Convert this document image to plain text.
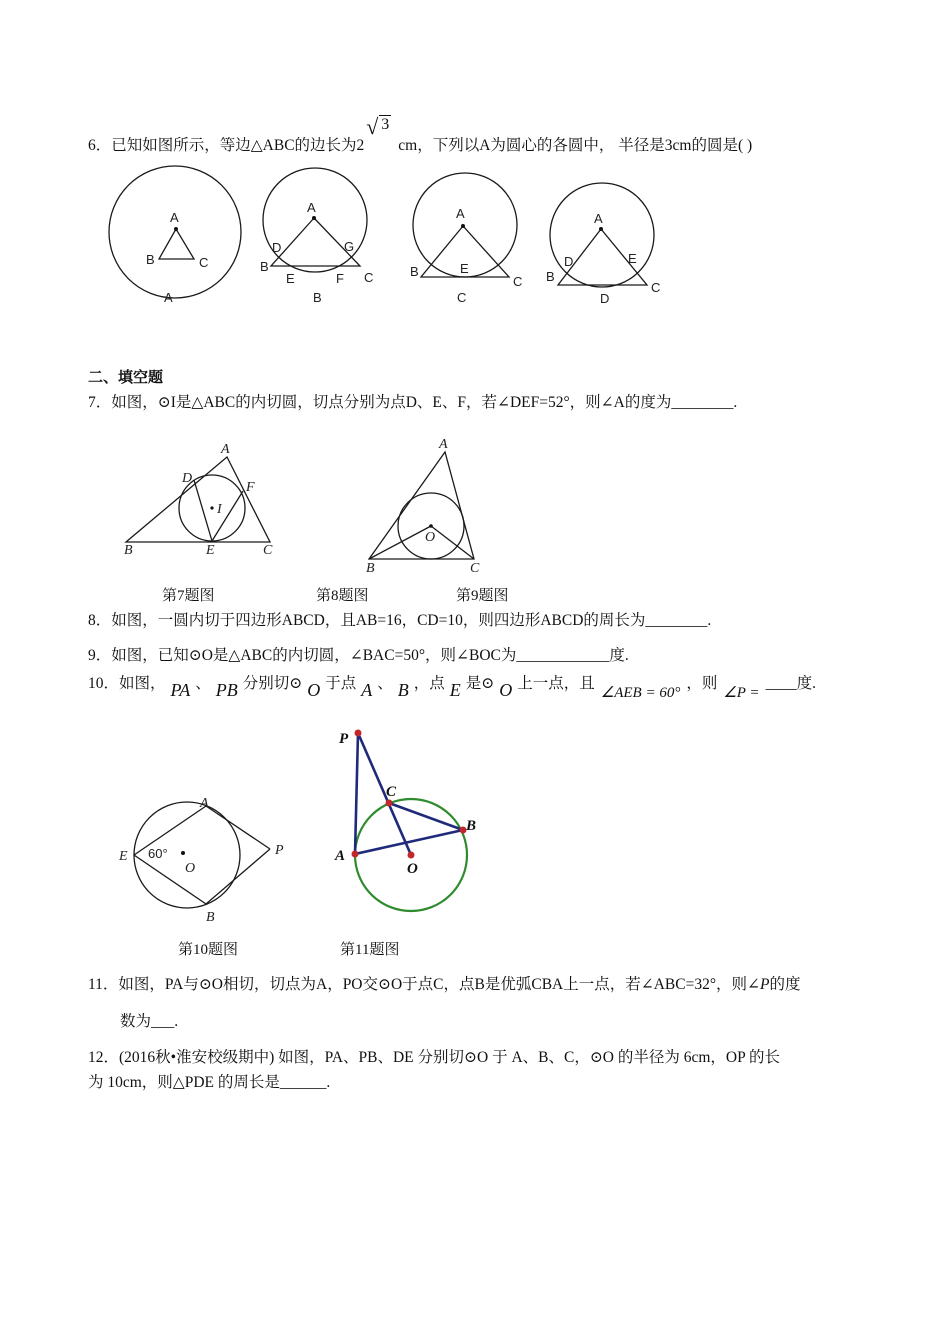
6．已知如图所示，等边△ABC的边长为2
√ 3
cm，下列以A为圆心的各圆中， 半径是3cm的圆是( )
二、填空题
7．如图，⊙I是△ABC的内切圆，切点分别为点D、E、F，若∠DEF=52°，则∠A的度为________.
第7题图	第8题图	第9题图
8．如图，一圆内切于四边形ABCD，且AB=16，CD=10，则四边形ABCD的周长为________.
9．如图，已知⊙O是△ABC的内切圆，∠BAC=50°，则∠BOC为____________度.
10．如图， PA 、 PB 分别切⊙ O 于点 A 、 B ，点 E 是⊙ O 上一点，且∠AEB = 60°，则∠P =____度.
第10题图	第11题图
11．如图，PA与⊙O相切，切点为A，PO交⊙O于点C，点B是优弧CBA上一点，若∠ABC=32°，则∠P的度
数为___.
12．(2016秋•淮安校级期中) 如图，PA、PB、DE 分别切⊙O 于 A、B、C，⊙O 的半径为 6cm，OP 的长
为 10cm，则△PDE 的周长是______.
A
B	C
A
A
B
C
D	G
E	F
B
A
B
C
E
C
A
B
C
D	E
D
A
D
F
I
B	E	C
A
O
B	C
60°
E
A
B
P
O
P
C
B
A
O
